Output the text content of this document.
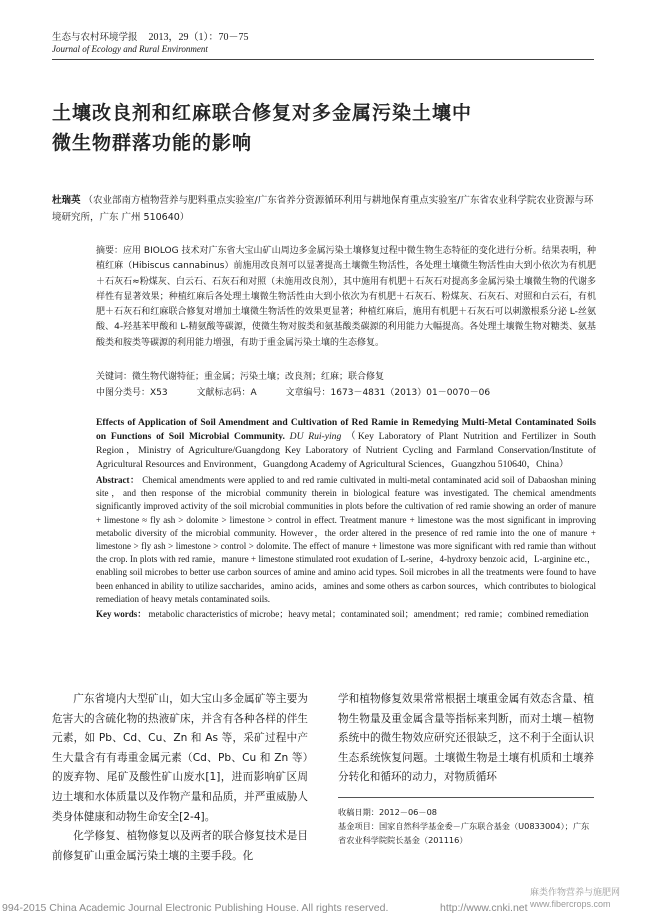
生态与农村环境学报 2013，29（1）：70－75
Journal of Ecology and Rural Environment
土壤改良剂和红麻联合修复对多金属污染土壤中
微生物群落功能的影响
杜瑞英 （农业部南方植物营养与肥料重点实验室/广东省养分资源循环利用与耕地保育重点实验室/广东省农业科学院农业资源与环境研究所，广东 广州 510640）
摘要：应用 BIOLOG 技术对广东省大宝山矿山周边多金属污染土壤修复过程中微生物生态特征的变化进行分析。结果表明，种植红麻（Hibiscus cannabinus）前施用改良剂可以显著提高土壤微生物活性，各处理土壤微生物活性由大到小依次为有机肥＋石灰石≈粉煤灰、白云石、石灰石和对照（未施用改良剂），其中施用有机肥＋石灰石对提高多金属污染土壤微生物的代谢多样性有显著效果；种植红麻后各处理土壤微生物活性由大到小依次为有机肥＋石灰石、粉煤灰、石灰石、对照和白云石，有机肥＋石灰石和红麻联合修复对增加土壤微生物活性的效果更显著；种植红麻后，施用有机肥＋石灰石可以刺激根系分泌 L-丝氨酸、4-羟基苯甲酸和 L-精氨酸等碳源，使微生物对胺类和氨基酸类碳源的利用能力大幅提高。各处理土壤微生物对糖类、氨基酸类和胺类等碳源的利用能力增强，有助于重金属污染土壤的生态修复。
关键词：微生物代谢特征；重金属；污染土壤；改良剂；红麻；联合修复
中图分类号：X53	文献标志码：A	文章编号：1673－4831（2013）01－0070－06
Effects of Application of Soil Amendment and Cultivation of Red Ramie in Remedying Multi-Metal Contaminated Soils on Functions of Soil Microbial Community. DU Rui-ying （Key Laboratory of Plant Nutrition and Fertilizer in South Region，Ministry of Agriculture/Guangdong Key Laboratory of Nutrient Cycling and Farmland Conservation/Institute of Agricultural Resources and Environment，Guangdong Academy of Agricultural Sciences，Guangzhou 510640，China）
Abstract： Chemical amendments were applied to and red ramie cultivated in multi-metal contaminated acid soil of Dabaoshan mining site，and then response of the microbial community therein in biological feature was investigated. The chemical amendments significantly improved activity of the soil microbial communities in plots before the cultivation of red ramie showing an order of manure + limestone ≈ fly ash > dolomite > limestone > control in effect. Treatment manure + limestone was the most significant in improving metabolic diversity of the microbial community. However，the order altered in the presence of red ramie into the one of manure + limestone > fly ash > limestone > control > dolomite. The effect of manure + limestone was more significant with red ramie than without the crop. In plots with red ramie，manure + limestone stimulated root exudation of L-serine，4-hydroxy benzoic acid，L-arginine etc.，enabling soil microbes to better use carbon sources of amine and amino acid types. Soil microbes in all the treatments were found to have been enhanced in ability to utilize saccharides，amino acids，amines and some others as carbon sources，which contributes to biological remediation of heavy metals contaminated soils.
Key words： metabolic characteristics of microbe；heavy metal；contaminated soil；amendment；red ramie；combined remediation

广东省境内大型矿山，如大宝山多金属矿等主要为危害大的含硫化物的热液矿床，并含有各种各样的伴生元素，如 Pb、Cd、Cu、Zn 和 As 等，采矿过程中产生大量含有有毒重金属元素（Cd、Pb、Cu 和 Zn 等）的废弃物、尾矿及酸性矿山废水[1]，进而影响矿区周边土壤和水体质量以及作物产量和品质，并严重威胁人类身体健康和动物生命安全[2-4]。

化学修复、植物修复以及两者的联合修复技术是目前修复矿山重金属污染土壤的主要手段。化

学和植物修复效果常常根据土壤重金属有效态含量、植物生物量及重金属含量等指标来判断，而对土壤－植物系统中的微生物效应研究还很缺乏，这不利于全面认识生态系统恢复问题。土壤微生物是土壤有机质和土壤养分转化和循环的动力，对物质循环

收稿日期：2012－06－08
基金项目：国家自然科学基金委－广东联合基金（U0833004）；广东省农业科学院院长基金（201116）
994-2015 China Academic Journal Electronic Publishing House. All rights reserved.	http://www.cnki.net
麻类作物营养与施肥网 www.fibercrops.com
